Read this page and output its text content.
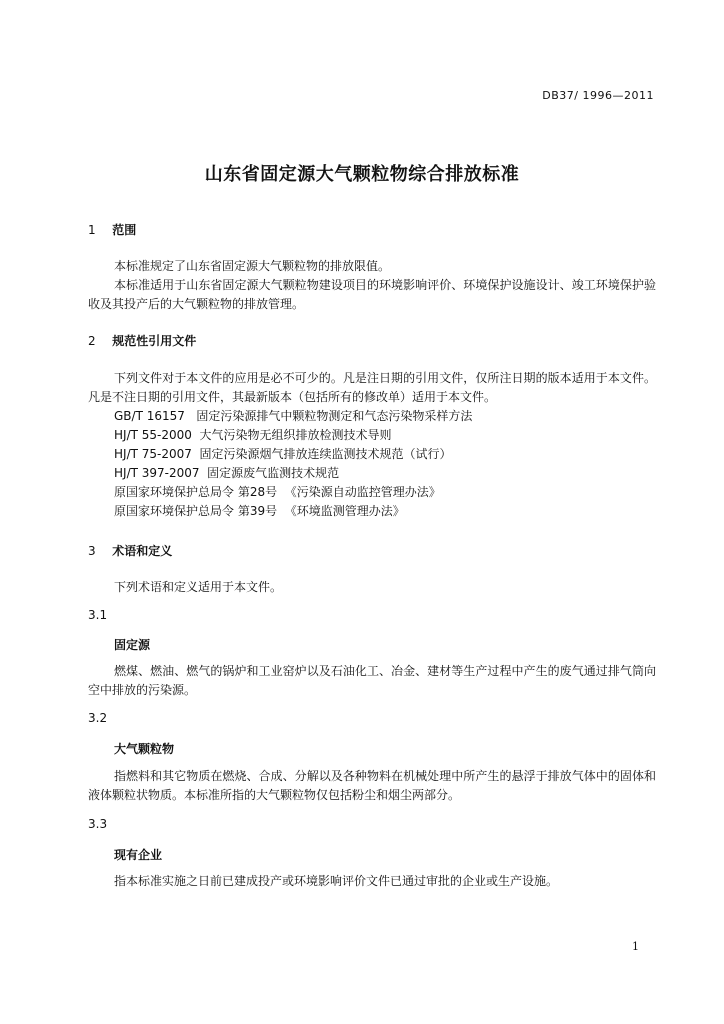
DB37/ 1996—2011
山东省固定源大气颗粒物综合排放标准
1 范围
本标准规定了山东省固定源大气颗粒物的排放限值。
本标准适用于山东省固定源大气颗粒物建设项目的环境影响评价、环境保护设施设计、竣工环境保护验收及其投产后的大气颗粒物的排放管理。
2 规范性引用文件
下列文件对于本文件的应用是必不可少的。凡是注日期的引用文件，仅所注日期的版本适用于本文件。凡是不注日期的引用文件，其最新版本（包括所有的修改单）适用于本文件。
GB/T 16157   固定污染源排气中颗粒物测定和气态污染物采样方法
HJ/T 55-2000  大气污染物无组织排放检测技术导则
HJ/T 75-2007  固定污染源烟气排放连续监测技术规范（试行）
HJ/T 397-2007  固定源废气监测技术规范
原国家环境保护总局令 第28号  《污染源自动监控管理办法》
原国家环境保护总局令 第39号  《环境监测管理办法》
3 术语和定义
下列术语和定义适用于本文件。
3.1
固定源
燃煤、燃油、燃气的锅炉和工业窑炉以及石油化工、冶金、建材等生产过程中产生的废气通过排气筒向空中排放的污染源。
3.2
大气颗粒物
指燃料和其它物质在燃烧、合成、分解以及各种物料在机械处理中所产生的悬浮于排放气体中的固体和液体颗粒状物质。本标准所指的大气颗粒物仅包括粉尘和烟尘两部分。
3.3
现有企业
指本标准实施之日前已建成投产或环境影响评价文件已通过审批的企业或生产设施。
1
